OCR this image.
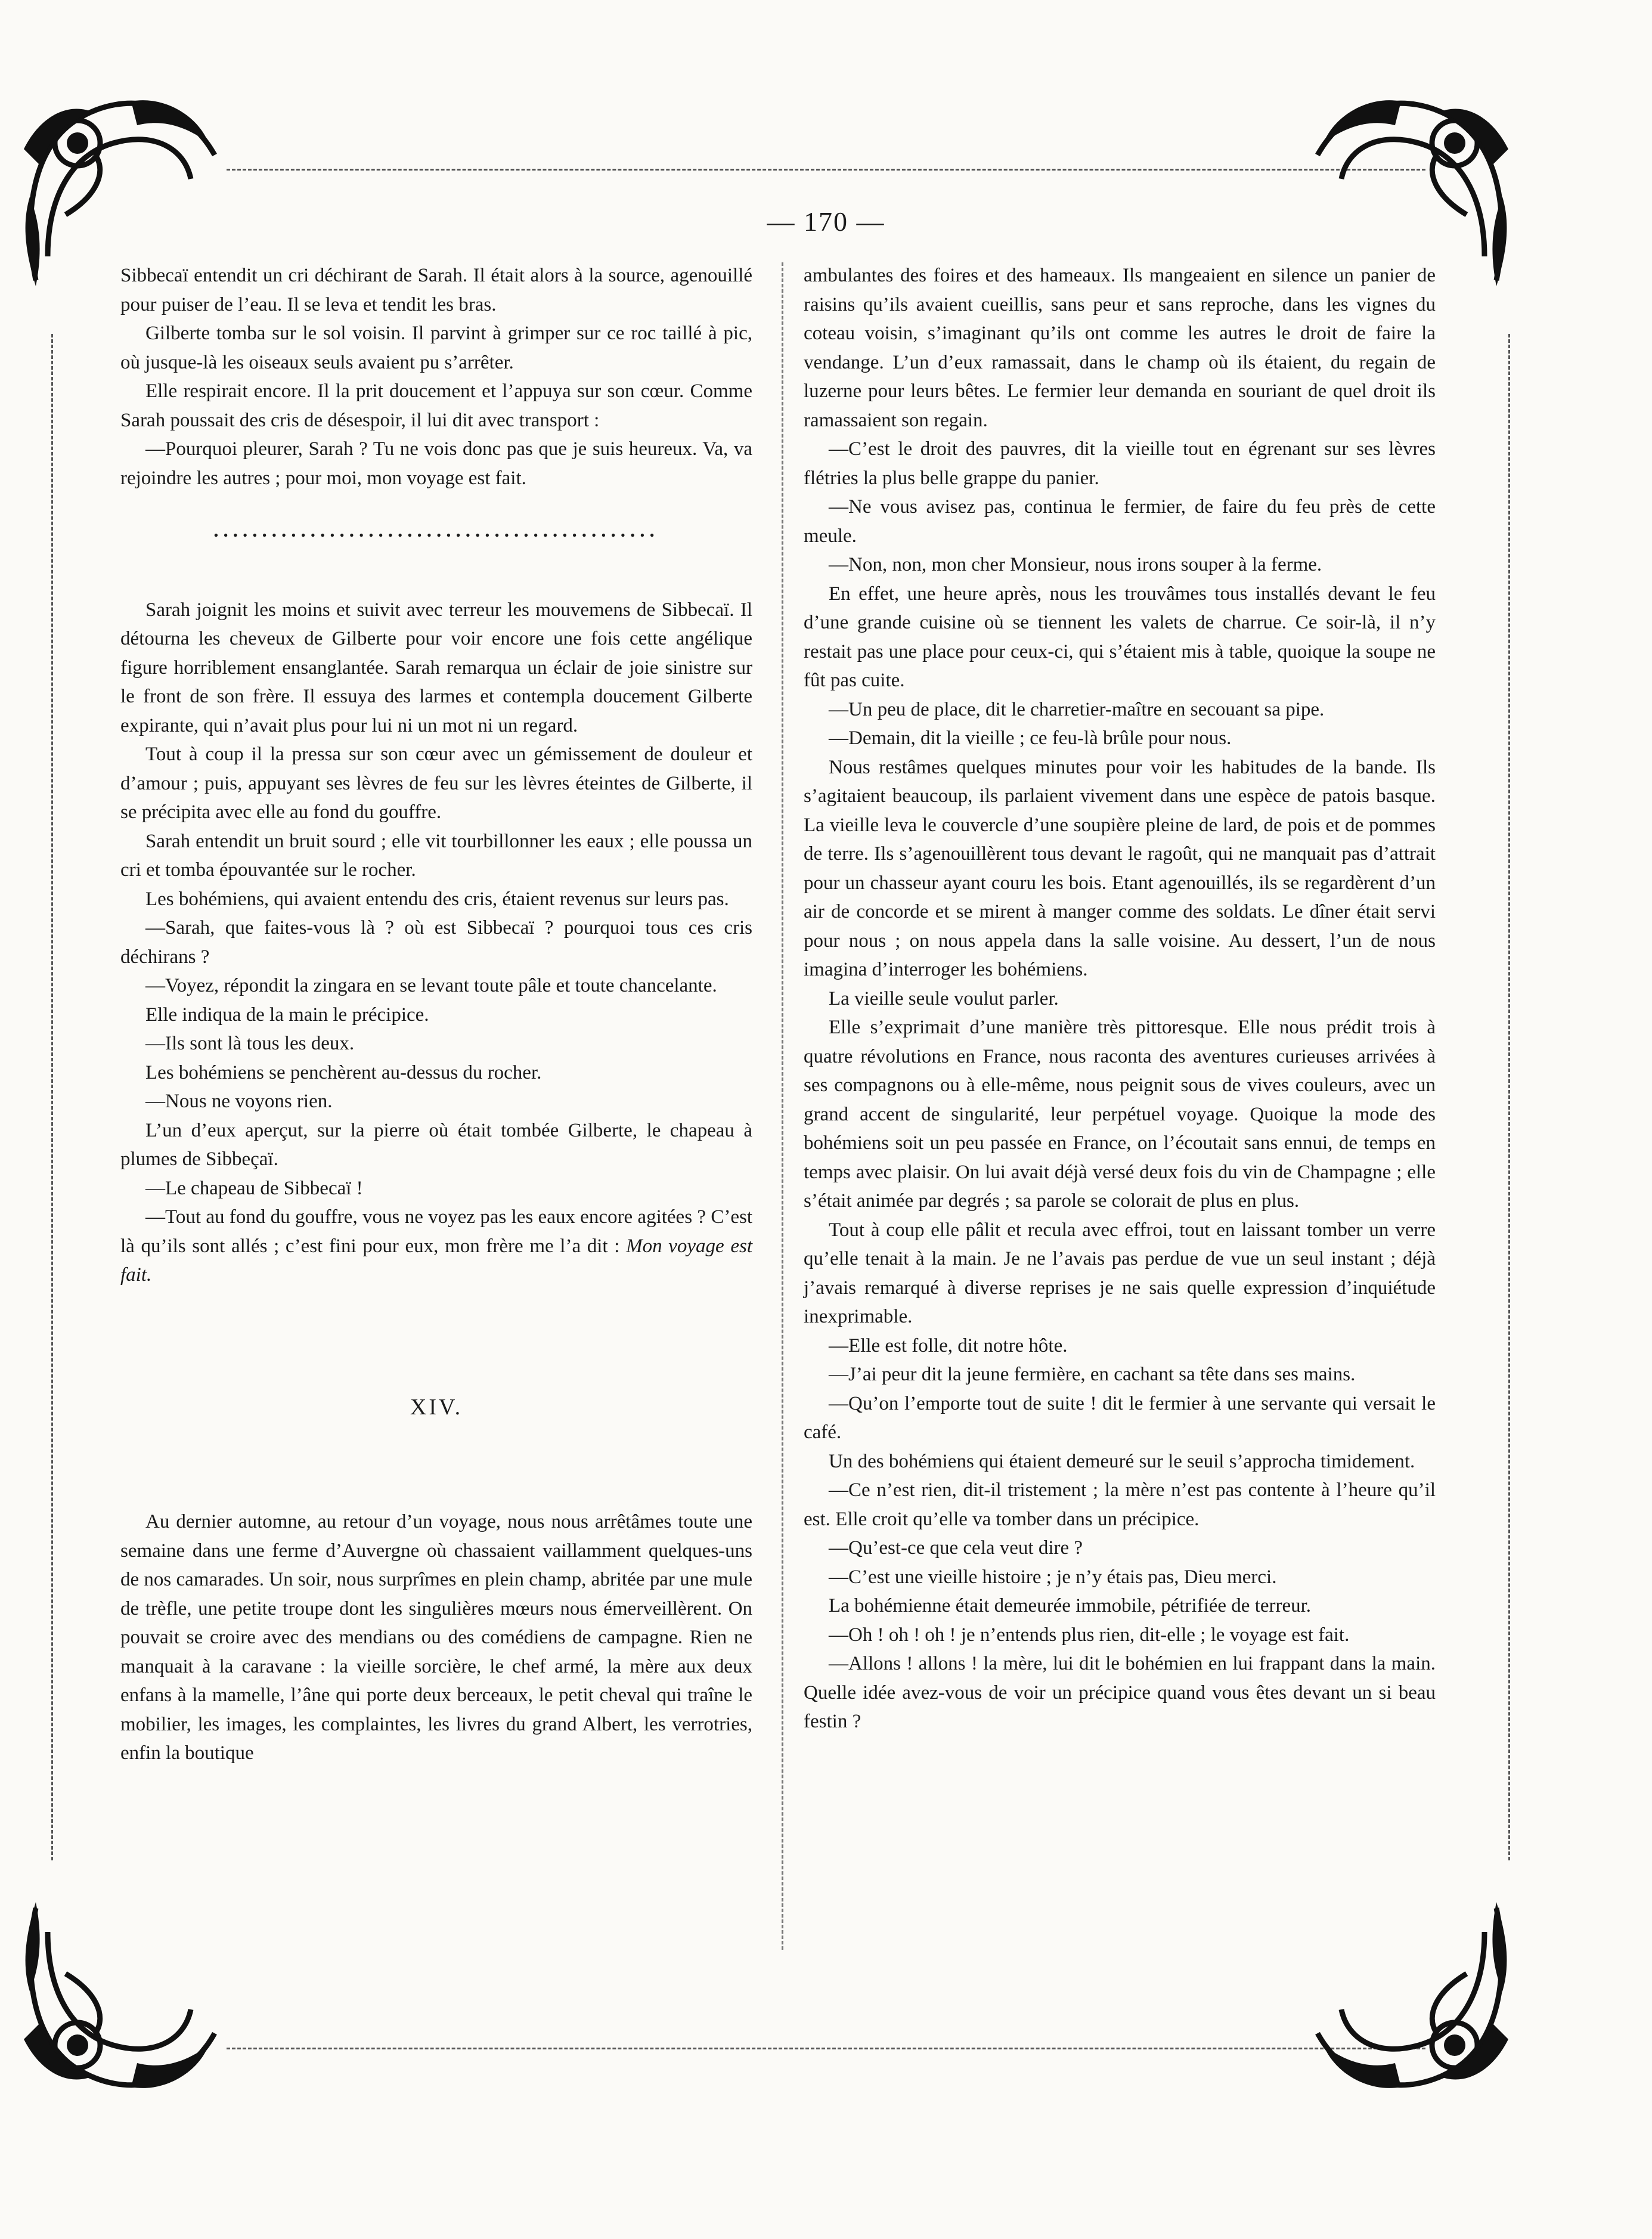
— 170 —

Sibbecaï entendit un cri déchirant de Sarah. Il était alors à la source, agenouillé pour puiser de l’eau. Il se leva et tendit les bras.

Gilberte tomba sur le sol voisin. Il parvint à grimper sur ce roc taillé à pic, où jusque-là les oiseaux seuls avaient pu s’arrêter.

Elle respirait encore. Il la prit doucement et l’appuya sur son cœur. Comme Sarah poussait des cris de désespoir, il lui dit avec transport :

—Pourquoi pleurer, Sarah ? Tu ne vois donc pas que je suis heureux. Va, va rejoindre les autres ; pour moi, mon voyage est fait.

..............................................

Sarah joignit les moins et suivit avec terreur les mouvemens de Sibbecaï. Il détourna les cheveux de Gilberte pour voir encore une fois cette angélique figure horriblement ensanglantée. Sarah remarqua un éclair de joie sinistre sur le front de son frère. Il essuya des larmes et contempla doucement Gilberte expirante, qui n’avait plus pour lui ni un mot ni un regard.

Tout à coup il la pressa sur son cœur avec un gémissement de douleur et d’amour ; puis, appuyant ses lèvres de feu sur les lèvres éteintes de Gilberte, il se précipita avec elle au fond du gouffre.

Sarah entendit un bruit sourd ; elle vit tourbillonner les eaux ; elle poussa un cri et tomba épouvantée sur le rocher.

Les bohémiens, qui avaient entendu des cris, étaient revenus sur leurs pas.

—Sarah, que faites-vous là ? où est Sibbecaï ? pourquoi tous ces cris déchirans ?

—Voyez, répondit la zingara en se levant toute pâle et toute chancelante.

Elle indiqua de la main le précipice.

—Ils sont là tous les deux.

Les bohémiens se penchèrent au-dessus du rocher.

—Nous ne voyons rien.

L’un d’eux aperçut, sur la pierre où était tombée Gilberte, le chapeau à plumes de Sibbeçaï.

—Le chapeau de Sibbecaï !

—Tout au fond du gouffre, vous ne voyez pas les eaux encore agitées ? C’est là qu’ils sont allés ; c’est fini pour eux, mon frère me l’a dit : Mon voyage est fait.

XIV.

Au dernier automne, au retour d’un voyage, nous nous arrêtâmes toute une semaine dans une ferme d’Auvergne où chassaient vaillamment quelques-uns de nos camarades. Un soir, nous surprîmes en plein champ, abritée par une mule de trèfle, une petite troupe dont les singulières mœurs nous émerveillèrent. On pouvait se croire avec des mendians ou des comédiens de campagne. Rien ne manquait à la caravane : la vieille sorcière, le chef armé, la mère aux deux enfans à la mamelle, l’âne qui porte deux berceaux, le petit cheval qui traîne le mobilier, les images, les complaintes, les livres du grand Albert, les verrotries, enfin la boutique

ambulantes des foires et des hameaux. Ils mangeaient en silence un panier de raisins qu’ils avaient cueillis, sans peur et sans reproche, dans les vignes du coteau voisin, s’imaginant qu’ils ont comme les autres le droit de faire la vendange. L’un d’eux ramassait, dans le champ où ils étaient, du regain de luzerne pour leurs bêtes. Le fermier leur demanda en souriant de quel droit ils ramassaient son regain.

—C’est le droit des pauvres, dit la vieille tout en égrenant sur ses lèvres flétries la plus belle grappe du panier.

—Ne vous avisez pas, continua le fermier, de faire du feu près de cette meule.

—Non, non, mon cher Monsieur, nous irons souper à la ferme.

En effet, une heure après, nous les trouvâmes tous installés devant le feu d’une grande cuisine où se tiennent les valets de charrue. Ce soir-là, il n’y restait pas une place pour ceux-ci, qui s’étaient mis à table, quoique la soupe ne fût pas cuite.

—Un peu de place, dit le charretier-maître en secouant sa pipe.

—Demain, dit la vieille ; ce feu-là brûle pour nous.

Nous restâmes quelques minutes pour voir les habitudes de la bande. Ils s’agitaient beaucoup, ils parlaient vivement dans une espèce de patois basque. La vieille leva le couvercle d’une soupière pleine de lard, de pois et de pommes de terre. Ils s’agenouillèrent tous devant le ragoût, qui ne manquait pas d’attrait pour un chasseur ayant couru les bois. Etant agenouillés, ils se regardèrent d’un air de concorde et se mirent à manger comme des soldats. Le dîner était servi pour nous ; on nous appela dans la salle voisine. Au dessert, l’un de nous imagina d’interroger les bohémiens.

La vieille seule voulut parler.

Elle s’exprimait d’une manière très pittoresque. Elle nous prédit trois à quatre révolutions en France, nous raconta des aventures curieuses arrivées à ses compagnons ou à elle-même, nous peignit sous de vives couleurs, avec un grand accent de singularité, leur perpétuel voyage. Quoique la mode des bohémiens soit un peu passée en France, on l’écoutait sans ennui, de temps en temps avec plaisir. On lui avait déjà versé deux fois du vin de Champagne ; elle s’était animée par degrés ; sa parole se colorait de plus en plus.

Tout à coup elle pâlit et recula avec effroi, tout en laissant tomber un verre qu’elle tenait à la main. Je ne l’avais pas perdue de vue un seul instant ; déjà j’avais remarqué à diverse reprises je ne sais quelle expression d’inquiétude inexprimable.

—Elle est folle, dit notre hôte.

—J’ai peur dit la jeune fermière, en cachant sa tête dans ses mains.

—Qu’on l’emporte tout de suite ! dit le fermier à une servante qui versait le café.

Un des bohémiens qui étaient demeuré sur le seuil s’approcha timidement.

—Ce n’est rien, dit-il tristement ; la mère n’est pas contente à l’heure qu’il est. Elle croit qu’elle va tomber dans un précipice.

—Qu’est-ce que cela veut dire ?

—C’est une vieille histoire ; je n’y étais pas, Dieu merci.

La bohémienne était demeurée immobile, pétrifiée de terreur.

—Oh ! oh ! oh ! je n’entends plus rien, dit-elle ; le voyage est fait.

—Allons ! allons ! la mère, lui dit le bohémien en lui frappant dans la main. Quelle idée avez-vous de voir un précipice quand vous êtes devant un si beau festin ?
